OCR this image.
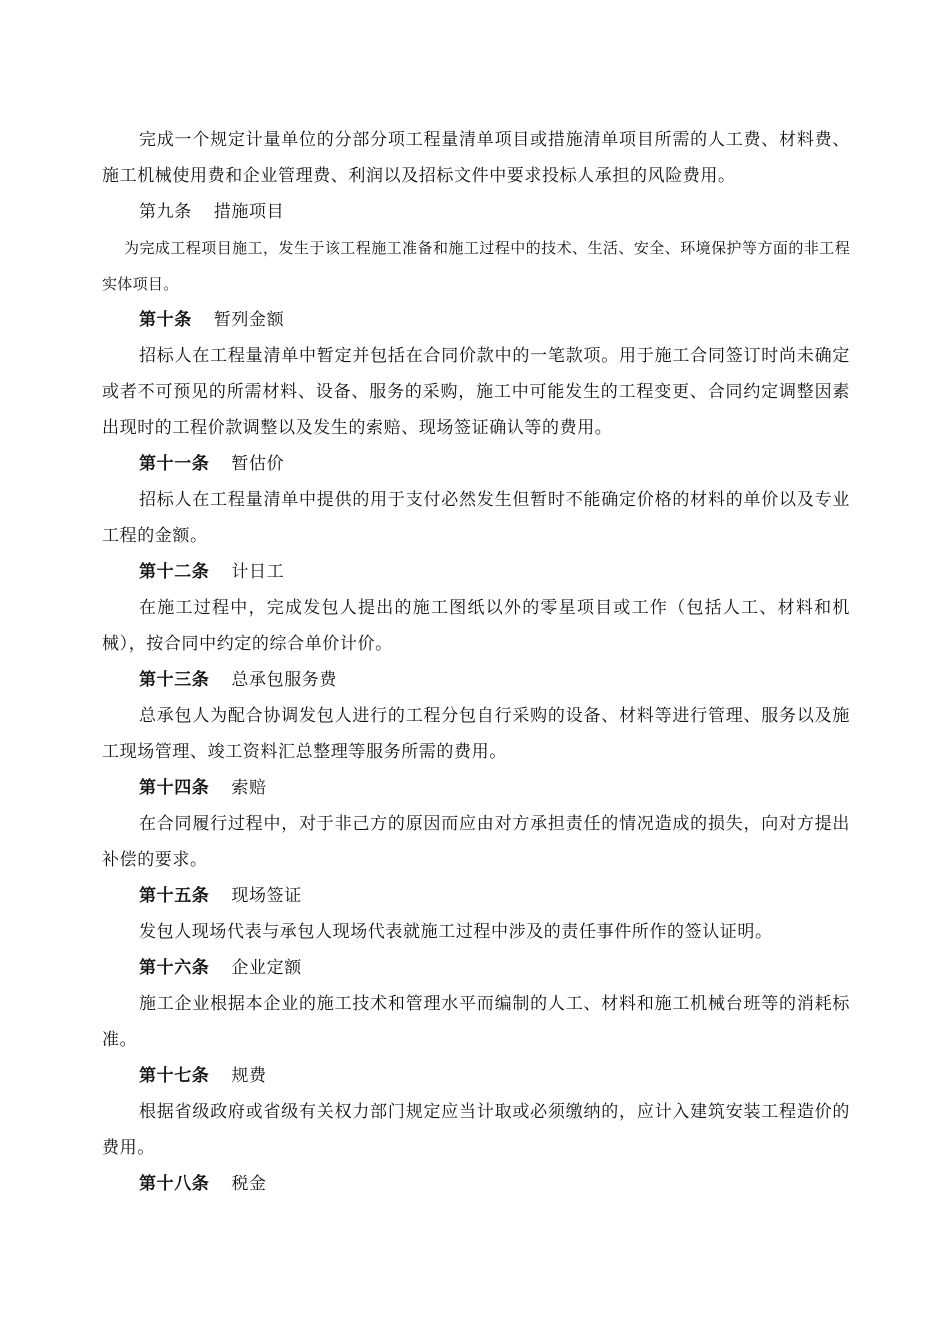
完成一个规定计量单位的分部分项工程量清单项目或措施清单项目所需的人工费、材料费、施工机械使用费和企业管理费、利润以及招标文件中要求投标人承担的风险费用。

第九条 措施项目

为完成工程项目施工，发生于该工程施工准备和施工过程中的技术、生活、安全、环境保护等方面的非工程实体项目。

第十条 暂列金额

招标人在工程量清单中暂定并包括在合同价款中的一笔款项。用于施工合同签订时尚未确定或者不可预见的所需材料、设备、服务的采购，施工中可能发生的工程变更、合同约定调整因素出现时的工程价款调整以及发生的索赔、现场签证确认等的费用。

第十一条 暂估价

招标人在工程量清单中提供的用于支付必然发生但暂时不能确定价格的材料的单价以及专业工程的金额。

第十二条 计日工

在施工过程中，完成发包人提出的施工图纸以外的零星项目或工作（包括人工、材料和机械），按合同中约定的综合单价计价。

第十三条 总承包服务费

总承包人为配合协调发包人进行的工程分包自行采购的设备、材料等进行管理、服务以及施工现场管理、竣工资料汇总整理等服务所需的费用。

第十四条 索赔

在合同履行过程中，对于非己方的原因而应由对方承担责任的情况造成的损失，向对方提出补偿的要求。

第十五条 现场签证

发包人现场代表与承包人现场代表就施工过程中涉及的责任事件所作的签认证明。

第十六条 企业定额

施工企业根据本企业的施工技术和管理水平而编制的人工、材料和施工机械台班等的消耗标准。

第十七条 规费

根据省级政府或省级有关权力部门规定应当计取或必须缴纳的，应计入建筑安装工程造价的费用。

第十八条 税金
